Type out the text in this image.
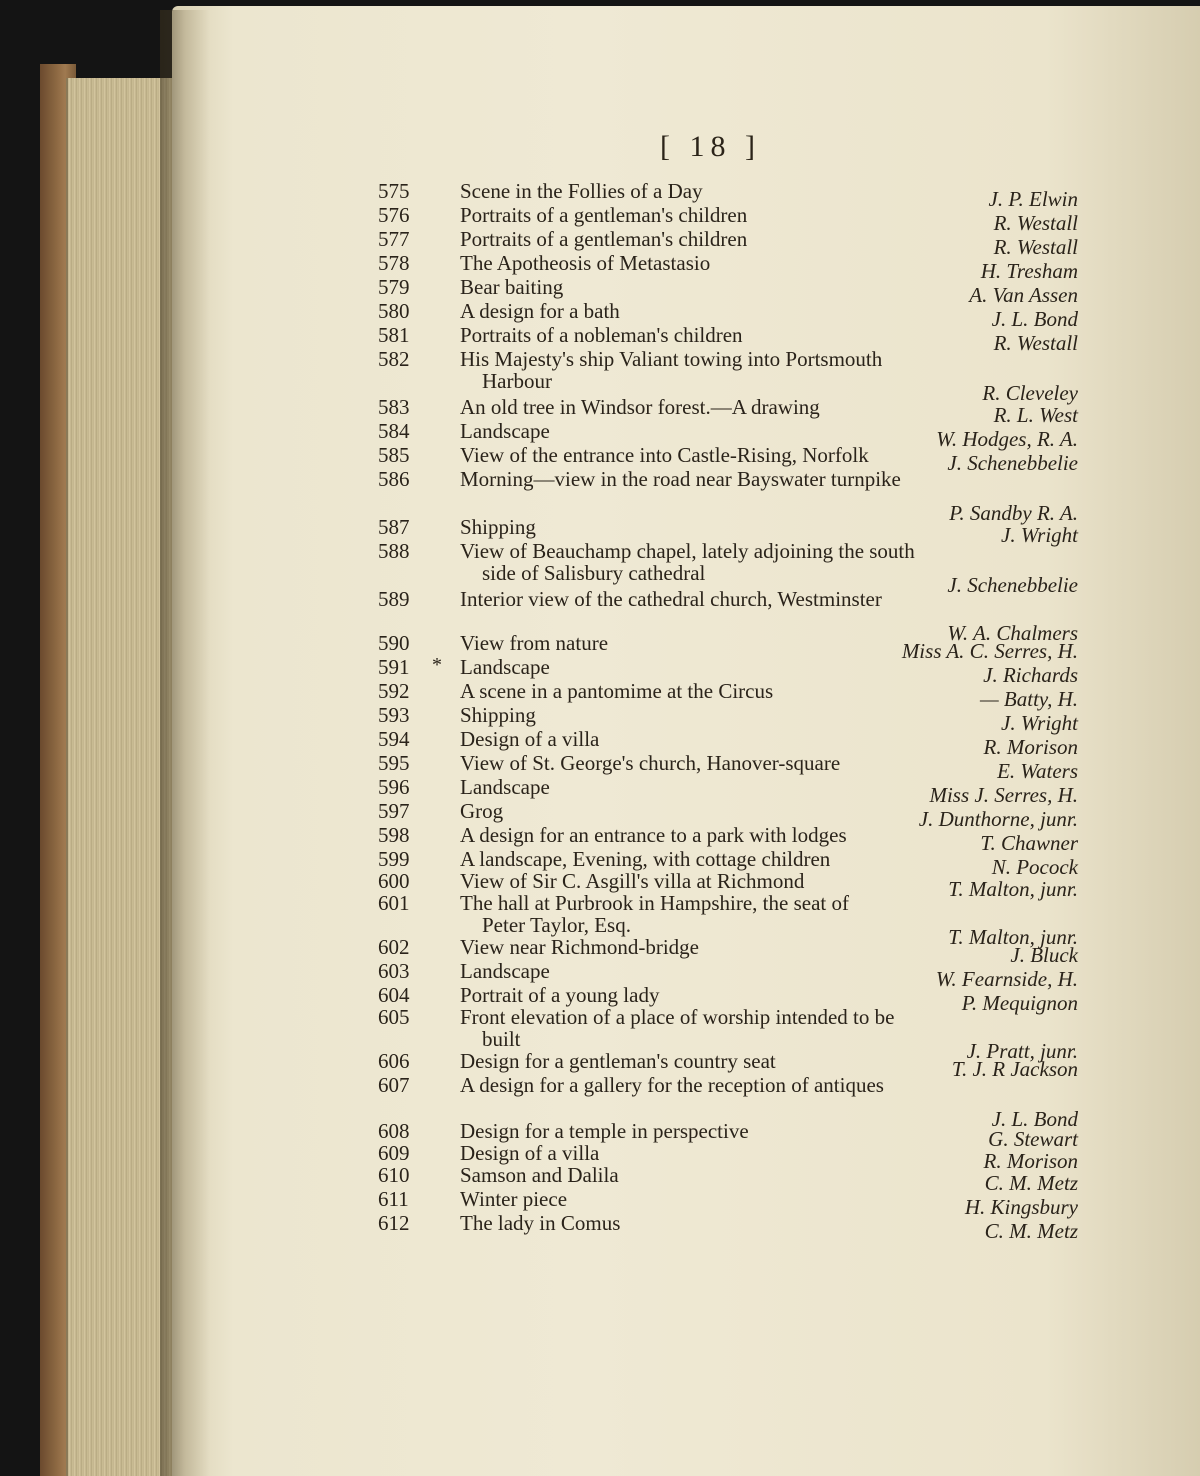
[ 18 ]
575	Scene in the Follies of a Day	J. P. Elwin
576	Portraits of a gentleman's children	R. Westall
577	Portraits of a gentleman's children	R. Westall
578	The Apotheosis of Metastasio	H. Tresham
579	Bear baiting	A. Van Assen
580	A design for a bath	J. L. Bond
581	Portraits of a nobleman's children	R. Westall
582	His Majesty's ship Valiant towing into Portsmouth
Harbour	R. Cleveley
583	An old tree in Windsor forest.—A drawing	R. L. West
584	Landscape	W. Hodges, R. A.
585	View of the entrance into Castle-Rising, Norfolk	J. Schenebbelie
586	Morning—view in the road near Bayswater turnpike
P. Sandby R. A.
587	Shipping	J. Wright
588	View of Beauchamp chapel, lately adjoining the south
side of Salisbury cathedral	J. Schenebbelie
589	Interior view of the cathedral church, Westminster
W. A. Chalmers
590	View from nature	Miss A. C. Serres, H.
591	* Landscape	J. Richards
592	A scene in a pantomime at the Circus	— Batty, H.
593	Shipping	J. Wright
594	Design of a villa	R. Morison
595	View of St. George's church, Hanover-square	E. Waters
596	Landscape	Miss J. Serres, H.
597	Grog	J. Dunthorne, junr.
598	A design for an entrance to a park with lodges	T. Chawner
599	A landscape, Evening, with cottage children	N. Pocock
600	View of Sir C. Asgill's villa at Richmond	T. Malton, junr.
601	The hall at Purbrook in Hampshire, the seat of
Peter Taylor, Esq.	T. Malton, junr.
602	View near Richmond-bridge	J. Bluck
603	Landscape	W. Fearnside, H.
604	Portrait of a young lady	P. Mequignon
605	Front elevation of a place of worship intended to be
built	J. Pratt, junr.
606	Design for a gentleman's country seat	T. J. R Jackson
607	A design for a gallery for the reception of antiques
J. L. Bond
608	Design for a temple in perspective	G. Stewart
609	Design of a villa	R. Morison
610	Samson and Dalila	C. M. Metz
611	Winter piece	H. Kingsbury
612	The lady in Comus	C. M. Metz
